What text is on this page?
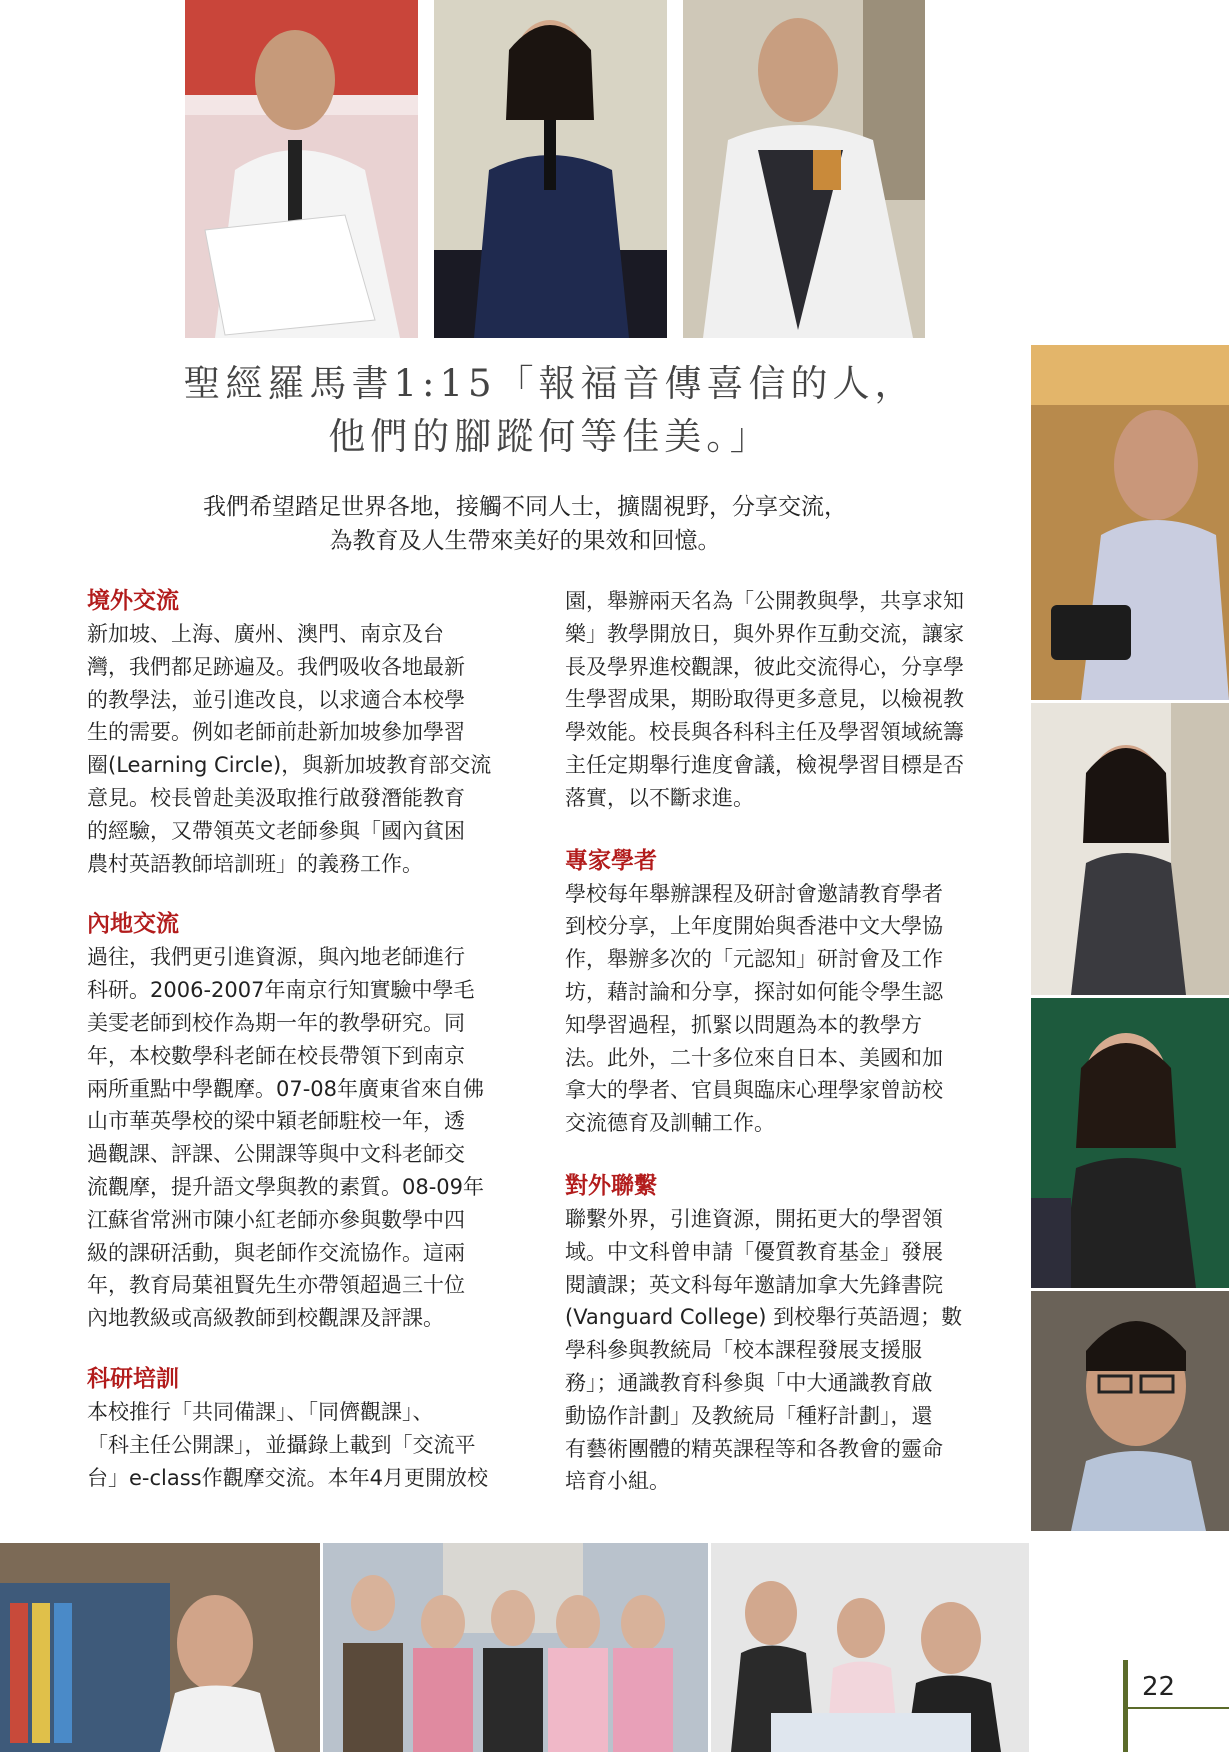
聖經羅馬書1:15「報福音傳喜信的人，
他們的腳蹤何等佳美。」
我們希望踏足世界各地，接觸不同人士，擴闊視野，分享交流，
為教育及人生帶來美好的果效和回憶。

境外交流

新加坡、上海、廣州、澳門、南京及台
灣，我們都足跡遍及。我們吸收各地最新
的教學法，並引進改良，以求適合本校學
生的需要。例如老師前赴新加坡參加學習
圈(Learning Circle)，與新加坡教育部交流
意見。校長曾赴美汲取推行啟發潛能教育
的經驗，又帶領英文老師參與「國內貧困
農村英語教師培訓班」的義務工作。

內地交流

過往，我們更引進資源，與內地老師進行
科研。2006-2007年南京行知實驗中學毛
美雯老師到校作為期一年的教學研究。同
年，本校數學科老師在校長帶領下到南京
兩所重點中學觀摩。07-08年廣東省來自佛
山市華英學校的梁中穎老師駐校一年，透
過觀課、評課、公開課等與中文科老師交
流觀摩，提升語文學與教的素質。08-09年
江蘇省常洲市陳小紅老師亦參與數學中四
級的課研活動，與老師作交流協作。這兩
年，教育局葉祖賢先生亦帶領超過三十位
內地教級或高級教師到校觀課及評課。

科研培訓

本校推行「共同備課」、「同儕觀課」、
「科主任公開課」，並攝錄上載到「交流平
台」e-class作觀摩交流。本年4月更開放校
園，舉辦兩天名為「公開教與學，共享求知
樂」教學開放日，與外界作互動交流，讓家
長及學界進校觀課，彼此交流得心，分享學
生學習成果，期盼取得更多意見，以檢視教
學效能。校長與各科科主任及學習領域統籌
主任定期舉行進度會議，檢視學習目標是否
落實，以不斷求進。

專家學者

學校每年舉辦課程及研討會邀請教育學者
到校分享，上年度開始與香港中文大學協
作，舉辦多次的「元認知」研討會及工作
坊，藉討論和分享，探討如何能令學生認
知學習過程，抓緊以問題為本的教學方
法。此外，二十多位來自日本、美國和加
拿大的學者、官員與臨床心理學家曾訪校
交流德育及訓輔工作。

對外聯繫

聯繫外界，引進資源，開拓更大的學習領
域。中文科曾申請「優質教育基金」發展
閱讀課；英文科每年邀請加拿大先鋒書院
(Vanguard College) 到校舉行英語週；數
學科參與教統局「校本課程發展支援服
務」；通識教育科參與「中大通識教育啟
動協作計劃」及教統局「種籽計劃」，還
有藝術團體的精英課程等和各教會的靈命
培育小組。
22
